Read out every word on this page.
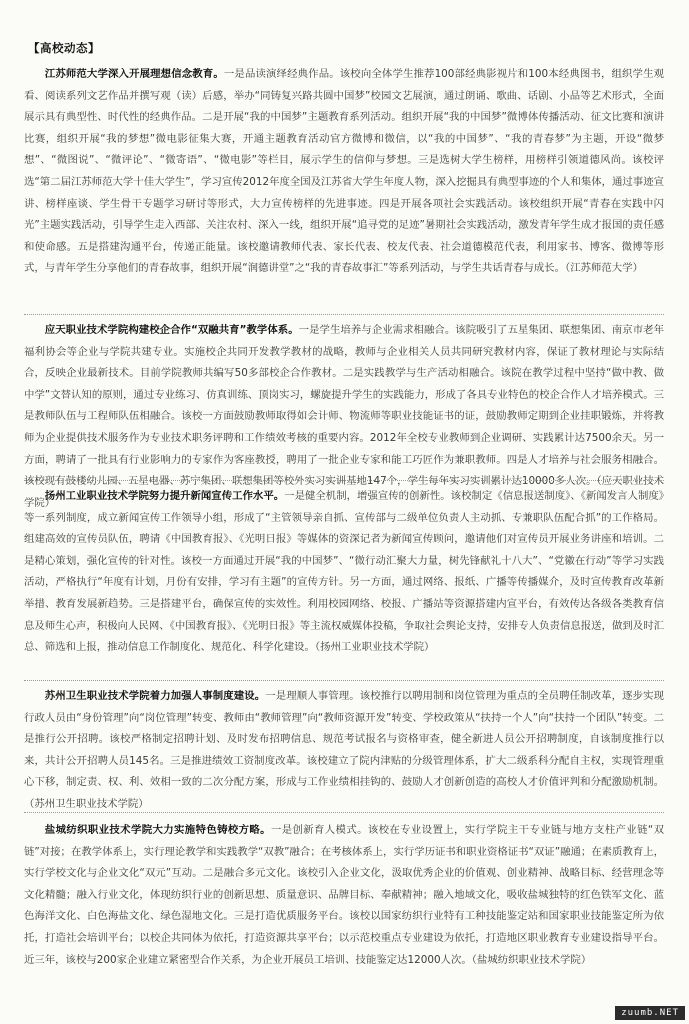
【高校动态】
江苏师范大学深入开展理想信念教育。一是品读演绎经典作品。该校向全体学生推荐100部经典影视片和100本经典图书，组织学生观看、阅读系列文艺作品并撰写观（读）后感，举办“同铸复兴路共圆中国梦”校园文艺展演，通过朗诵、歌曲、话剧、小品等艺术形式，全面展示具有典型性、时代性的经典作品。二是开展“我的中国梦”主题教育系列活动。组织开展“我的中国梦”微博体传播活动、征文比赛和演讲比赛，组织开展“我的梦想”微电影征集大赛，开通主题教育活动官方微博和微信，以“我的中国梦”、“我的青春梦”为主题，开设“微梦想”、“微图说”、“微评论”、“微寄语”、“微电影”等栏目，展示学生的信仰与梦想。三是选树大学生榜样，用榜样引领道德风尚。该校评选“第二届江苏师范大学十佳大学生”，学习宣传2012年度全国及江苏省大学生年度人物，深入挖掘具有典型事迹的个人和集体，通过事迹宣讲、榜样座谈、学生骨干专题学习研讨等形式，大力宣传榜样的先进事迹。四是开展各项社会实践活动。该校组织开展“青春在实践中闪光”主题实践活动，引导学生走入西部、关注农村、深入一线，组织开展“追寻党的足迹”暑期社会实践活动，激发青年学生成才报国的责任感和使命感。五是搭建沟通平台，传递正能量。该校邀请教师代表、家长代表、校友代表、社会道德模范代表，利用家书、博客、微博等形式，与青年学生分享他们的青春故事，组织开展“润德讲堂”之“我的青春故事汇”等系列活动，与学生共话青春与成长。（江苏师范大学）
应天职业技术学院构建校企合作“双融共育”教学体系。一是学生培养与企业需求相融合。该院吸引了五星集团、联想集团、南京市老年福利协会等企业与学院共建专业。实施校企共同开发教学教材的战略，教师与企业相关人员共同研究教材内容，保证了教材理论与实际结合，反映企业最新技术。目前学院教师共编写50多部校企合作教材。二是实践教学与生产活动相融合。该院在教学过程中坚持“做中教、做中学”文替认知的原则，通过专业练习、仿真训练、顶岗实习，螺旋提升学生的实践能力，形成了各具专业特色的校企合作人才培养模式。三是教师队伍与工程师队伍相融合。该校一方面鼓励教师取得如会计师、物流师等职业技能证书的证，鼓励教师定期到企业挂职锻炼，并将教师为企业提供技术服务作为专业技术职务评聘和工作绩效考核的重要内容。2012年全校专业教师到企业调研、实践累计达7500余天。另一方面，聘请了一批具有行业影响力的专家作为客座教授，聘用了一批企业专家和能工巧匠作为兼职教师。四是人才培养与社会服务相融合。该校现有鼓楼幼儿园、五星电器、苏宁集团、联想集团等校外实习实训基地147个，学生每年实习实训累计达10000多人次。（应天职业技术学院）
扬州工业职业技术学院努力提升新闻宣传工作水平。一是健全机制，增强宣传的创新性。该校制定《信息报送制度》、《新闻发言人制度》等一系列制度，成立新闻宣传工作领导小组，形成了“主管领导亲自抓、宣传部与二级单位负责人主动抓、专兼职队伍配合抓”的工作格局。组建高效的宣传员队伍，聘请《中国教育报》、《光明日报》等媒体的资深记者为新闻宣传顾问，邀请他们对宣传员开展业务讲座和培训。二是精心策划，强化宣传的针对性。该校一方面通过开展“我的中国梦”、“微行动汇聚大力量，树先锋献礼十八大”、“党徽在行动”等学习实践活动，严格执行“年度有计划，月份有安排，学习有主题”的宣传方针。另一方面，通过网络、报纸、广播等传播媒介，及时宣传教育改革新举措、教育发展新趋势。三是搭建平台，确保宣传的实效性。利用校园网络、校报、广播站等资源搭建内宣平台，有效传达各级各类教育信息及师生心声，积极向人民网、《中国教育报》、《光明日报》等主流权威媒体投稿，争取社会舆论支持，安排专人负责信息报送，做到及时汇总、筛选和上报，推动信息工作制度化、规范化、科学化建设。（扬州工业职业技术学院）
苏州卫生职业技术学院着力加强人事制度建设。一是理顺人事管理。该校推行以聘用制和岗位管理为重点的全员聘任制改革，逐步实现行政人员由“身份管理”向“岗位管理”转变、教师由“教师管理”向“教师资源开发”转变、学校政策从“扶持一个人”向“扶持一个团队”转变。二是推行公开招聘。该校严格制定招聘计划、及时发布招聘信息、规范考试报名与资格审查，健全新进人员公开招聘制度，自该制度推行以来，共计公开招聘人员145名。三是推进绩效工资制度改革。该校建立了院内津贴的分级管理体系，扩大二级系科分配自主权，实现管理重心下移，制定责、权、利、效相一致的二次分配方案，形成与工作业绩相挂钩的、鼓励人才创新创造的高校人才价值评判和分配激励机制。（苏州卫生职业技术学院）
盐城纺织职业技术学院大力实施特色铸校方略。一是创新育人模式。该校在专业设置上，实行学院主干专业链与地方支柱产业链“双链”对接；在教学体系上，实行理论教学和实践教学“双教”融合；在考核体系上，实行学历证书和职业资格证书“双证”融通；在素质教育上，实行学校文化与企业文化“双元”互动。二是融合多元文化。该校引入企业文化，汲取优秀企业的价值观、创业精神、战略目标、经营理念等文化精髓；融入行业文化，体现纺织行业的创新思想、质量意识、品牌目标、奉献精神；融入地域文化，吸收盐城独特的红色铁军文化、蓝色海洋文化、白色海盐文化、绿色湿地文化。三是打造优质服务平台。该校以国家纺织行业特有工种技能鉴定站和国家职业技能鉴定所为依托，打造社会培训平台；以校企共同体为依托，打造资源共享平台；以示范校重点专业建设为依托，打造地区职业教育专业建设指导平台。近三年，该校与200家企业建立紧密型合作关系，为企业开展员工培训、技能鉴定达12000人次。（盐城纺织职业技术学院）
zuumb.NET
